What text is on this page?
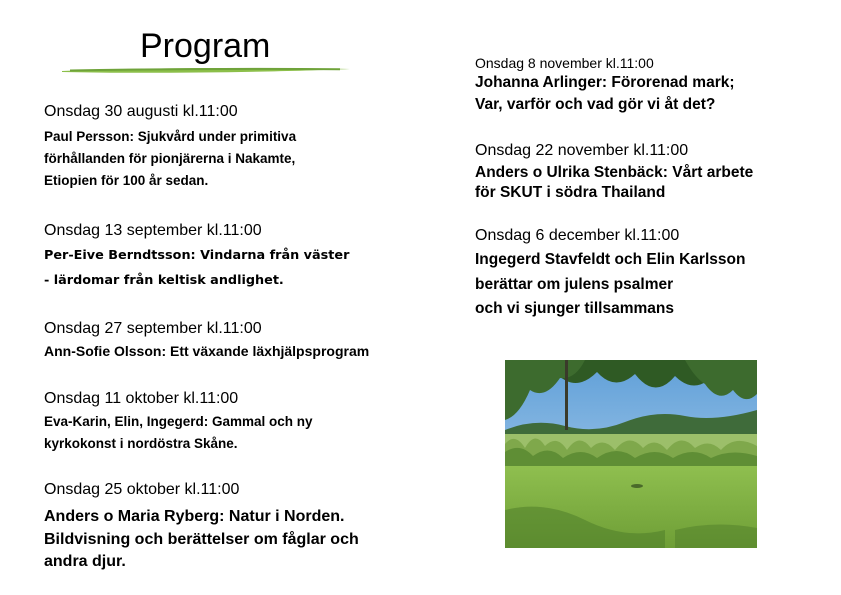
Program
Onsdag 30 augusti kl.11:00
Paul Persson: Sjukvård under primitiva
förhållanden för pionjärerna i Nakamte,
Etiopien för 100 år sedan.
Onsdag 13 september kl.11:00
Per-Eive Berndtsson: Vindarna från väster
- lärdomar från keltisk andlighet.
Onsdag 27 september kl.11:00
Ann-Sofie Olsson: Ett växande läxhjälpsprogram
Onsdag 11 oktober kl.11:00
Eva-Karin, Elin, Ingegerd: Gammal och ny
kyrkokonst i nordöstra Skåne.
Onsdag 25 oktober kl.11:00
Anders o Maria Ryberg: Natur i Norden.
Bildvisning och berättelser om fåglar och
andra djur.
Onsdag 8 november kl.11:00
Johanna Arlinger: Förorenad mark;
Var, varför och vad gör vi åt det?
Onsdag 22 november kl.11:00
Anders o Ulrika Stenbäck: Vårt arbete
för SKUT i södra Thailand
Onsdag 6 december kl.11:00
Ingegerd Stavfeldt och Elin Karlsson
berättar om julens psalmer
och vi sjunger tillsammans
